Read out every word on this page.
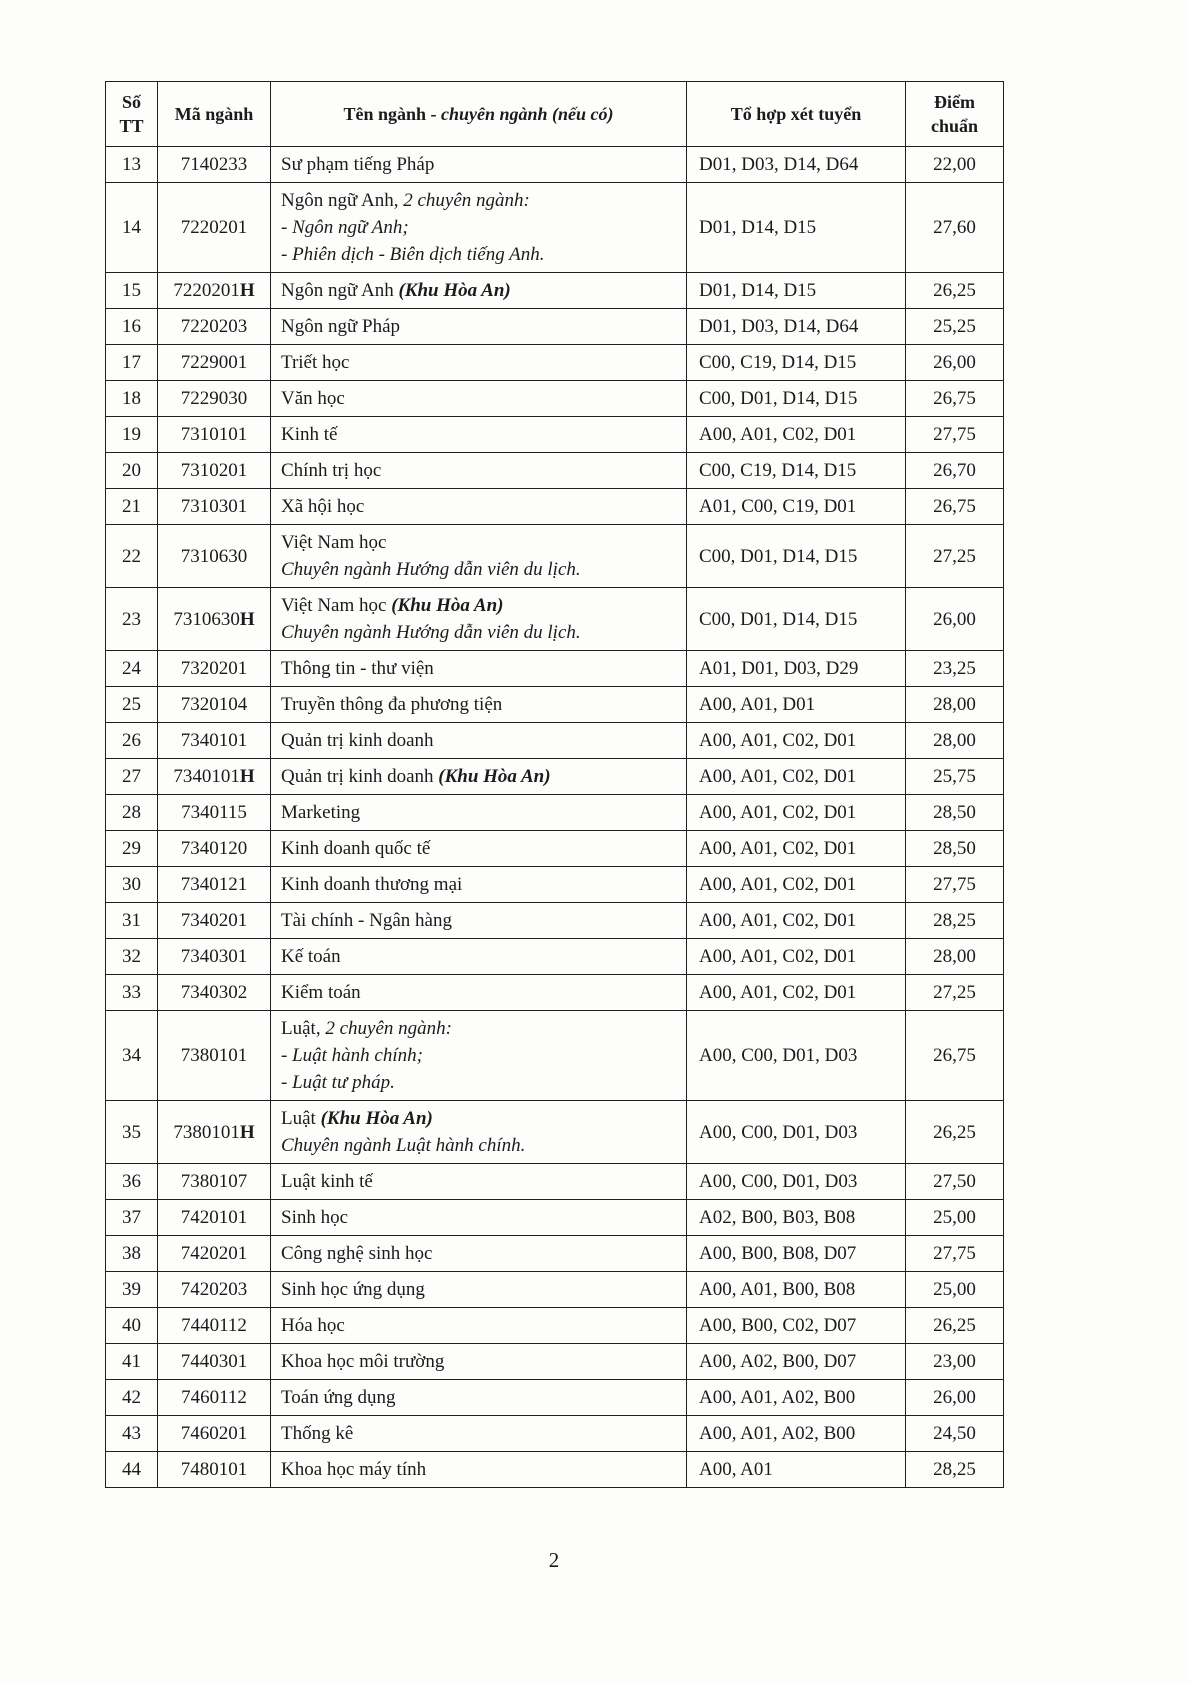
Số
TT	Mã ngành	Tên ngành - chuyên ngành (nếu có)	Tổ hợp xét tuyển	Điểm
chuẩn

13	7140233	Sư phạm tiếng Pháp	D01, D03, D14, D64	22,00
14	7220201	Ngôn ngữ Anh, 2 chuyên ngành:
- Ngôn ngữ Anh;
- Phiên dịch - Biên dịch tiếng Anh.	D01, D14, D15	27,60
15	7220201H	Ngôn ngữ Anh (Khu Hòa An)	D01, D14, D15	26,25
16	7220203	Ngôn ngữ Pháp	D01, D03, D14, D64	25,25
17	7229001	Triết học	C00, C19, D14, D15	26,00
18	7229030	Văn học	C00, D01, D14, D15	26,75
19	7310101	Kinh tế	A00, A01, C02, D01	27,75
20	7310201	Chính trị học	C00, C19, D14, D15	26,70
21	7310301	Xã hội học	A01, C00, C19, D01	26,75
22	7310630	Việt Nam học
Chuyên ngành Hướng dẫn viên du lịch.	C00, D01, D14, D15	27,25
23	7310630H	Việt Nam học (Khu Hòa An)
Chuyên ngành Hướng dẫn viên du lịch.	C00, D01, D14, D15	26,00
24	7320201	Thông tin - thư viện	A01, D01, D03, D29	23,25
25	7320104	Truyền thông đa phương tiện	A00, A01, D01	28,00
26	7340101	Quản trị kinh doanh	A00, A01, C02, D01	28,00
27	7340101H	Quản trị kinh doanh (Khu Hòa An)	A00, A01, C02, D01	25,75
28	7340115	Marketing	A00, A01, C02, D01	28,50
29	7340120	Kinh doanh quốc tế	A00, A01, C02, D01	28,50
30	7340121	Kinh doanh thương mại	A00, A01, C02, D01	27,75
31	7340201	Tài chính - Ngân hàng	A00, A01, C02, D01	28,25
32	7340301	Kế toán	A00, A01, C02, D01	28,00
33	7340302	Kiểm toán	A00, A01, C02, D01	27,25
34	7380101	Luật, 2 chuyên ngành:
- Luật hành chính;
- Luật tư pháp.	A00, C00, D01, D03	26,75
35	7380101H	Luật (Khu Hòa An)
Chuyên ngành Luật hành chính.	A00, C00, D01, D03	26,25
36	7380107	Luật kinh tế	A00, C00, D01, D03	27,50
37	7420101	Sinh học	A02, B00, B03, B08	25,00
38	7420201	Công nghệ sinh học	A00, B00, B08, D07	27,75
39	7420203	Sinh học ứng dụng	A00, A01, B00, B08	25,00
40	7440112	Hóa học	A00, B00, C02, D07	26,25
41	7440301	Khoa học môi trường	A00, A02, B00, D07	23,00
42	7460112	Toán ứng dụng	A00, A01, A02, B00	26,00
43	7460201	Thống kê	A00, A01, A02, B00	24,50
44	7480101	Khoa học máy tính	A00, A01	28,25
2
